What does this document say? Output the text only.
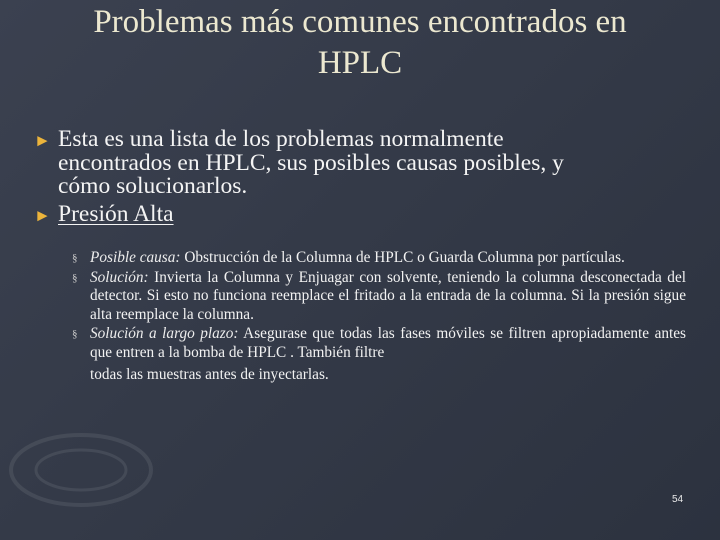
Problemas más comunes encontrados en
HPLC
► Esta es una lista de los problemas normalmente
encontrados en HPLC, sus posibles causas posibles, y
cómo solucionarlos.
► Presión Alta
§ Posible causa: Obstrucción de la Columna de HPLC o Guarda Columna por partículas.
§ Solución: Invierta la Columna y Enjuagar con solvente, teniendo la columna desconectada del detector. Si esto no funciona reemplace el fritado a la entrada de la columna. Si la presión sigue alta reemplace la columna.
§ Solución a largo plazo: Asegurase que todas las fases móviles se filtren apropiadamente antes que entren a la bomba de HPLC . También filtre
todas las muestras antes de inyectarlas.
54
